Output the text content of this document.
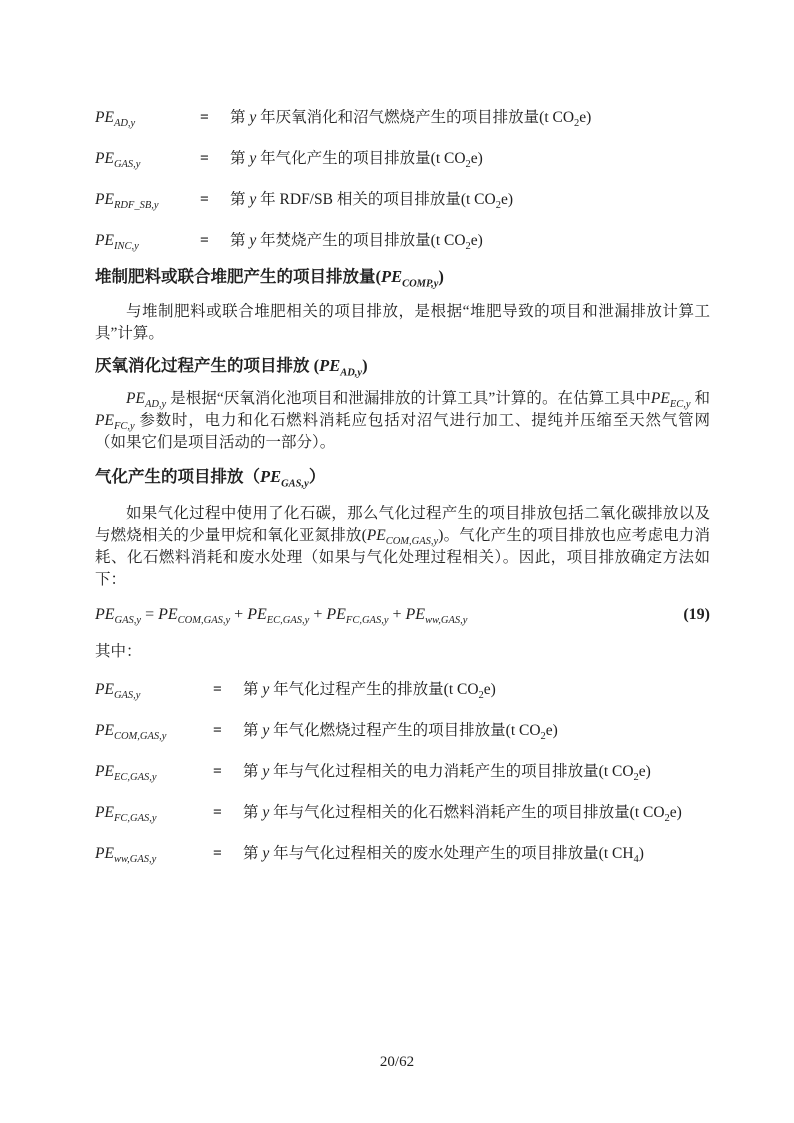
$PE_{AD,y}$	=	第 y 年厌氧消化和沼气燃烧产生的项目排放量(t $CO_2e$)
$PE_{GAS,y}$	=	第 y 年气化产生的项目排放量(t $CO_2e$)
$PE_{RDF\_SB,y}$	=	第 y 年 RDF/SB 相关的项目排放量(t $CO_2e$)
$PE_{INC,y}$	=	第 y 年焚烧产生的项目排放量(t $CO_2e$)
堆制肥料或联合堆肥产生的项目排放量$(PE_{COMP,y})$

与堆制肥料或联合堆肥相关的项目排放，是根据“堆肥导致的项目和泄漏排放计算工具”计算。

厌氧消化过程产生的项目排放 $(PE_{AD,y})$

$PE_{AD,y}$ 是根据“厌氧消化池项目和泄漏排放的计算工具”计算的。在估算工具中$PE_{EC,y}$ 和 $PE_{FC,y}$ 参数时，电力和化石燃料消耗应包括对沼气进行加工、提纯并压缩至天然气管网（如果它们是项目活动的一部分）。

气化产生的项目排放$(PE_{GAS,y})$

如果气化过程中使用了化石碳，那么气化过程产生的项目排放包括二氧化碳排放以及与燃烧相关的少量甲烷和氧化亚氮排放$(PE_{COM,GAS,y})$。气化产生的项目排放也应考虑电力消耗、化石燃料消耗和废水处理（如果与气化处理过程相关）。因此，项目排放确定方法如下：

$PE_{GAS,y} = PE_{COM,GAS,y} + PE_{EC,GAS,y} + PE_{FC,GAS,y} + PE_{ww,GAS,y}$	(19)
其中：
$PE_{GAS,y}$	=	第 y 年气化过程产生的排放量(t $CO_2e$)
$PE_{COM,GAS,y}$	=	第 y 年气化燃烧过程产生的项目排放量(t $CO_2e$)
$PE_{EC,GAS,y}$	=	第 y 年与气化过程相关的电力消耗产生的项目排放量(t $CO_2e$)
$PE_{FC,GAS,y}$	=	第 y 年与气化过程相关的化石燃料消耗产生的项目排放量(t $CO_2e$)
$PE_{ww,GAS,y}$	=	第 y 年与气化过程相关的废水处理产生的项目排放量(t $CH_4$)
20/62
